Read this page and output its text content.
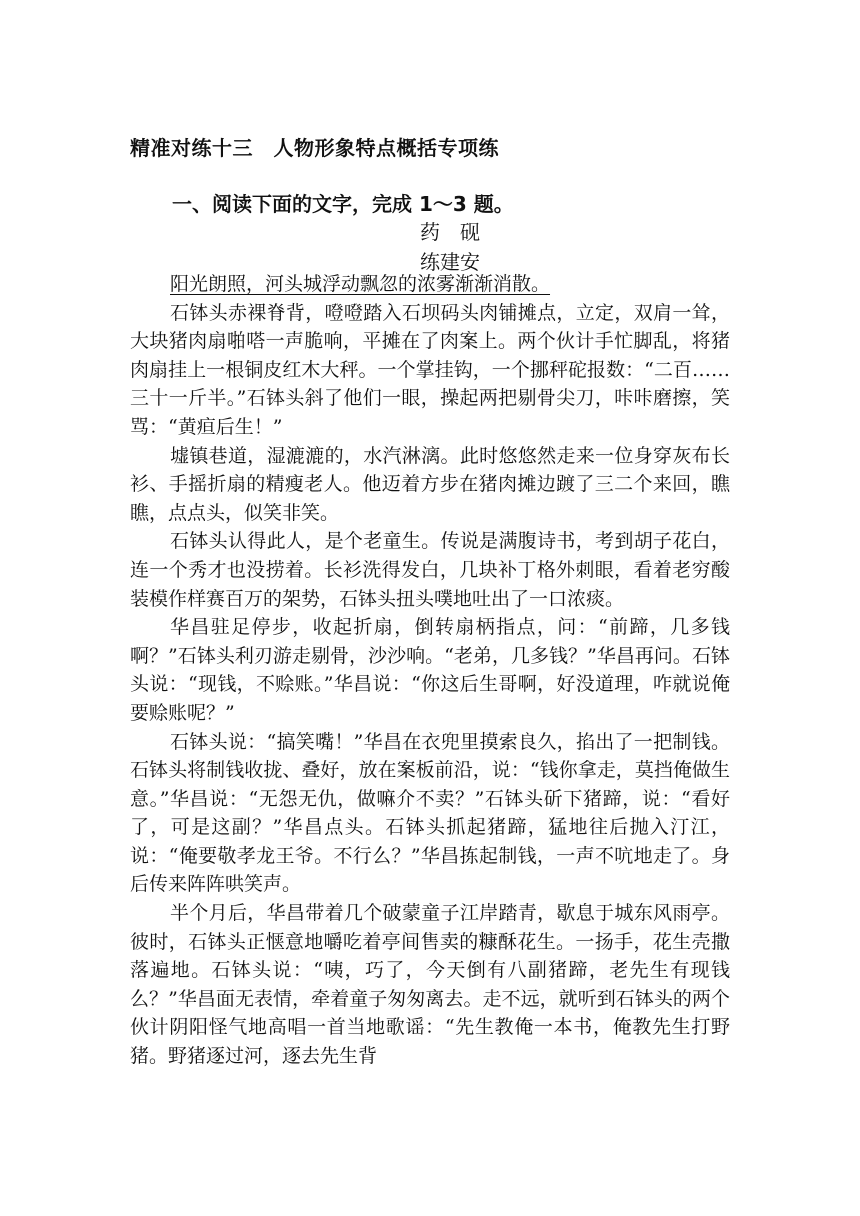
精准对练十三　人物形象特点概括专项练
一、阅读下面的文字，完成 1～3 题。
药　砚
练建安

阳光朗照，河头城浮动飘忽的浓雾渐渐消散。

石钵头赤裸脊背，噔噔踏入石坝码头肉铺摊点，立定，双肩一耸，大块猪肉扇啪嗒一声脆响，平摊在了肉案上。两个伙计手忙脚乱，将猪肉扇挂上一根铜皮红木大秤。一个掌挂钩，一个挪秤砣报数：“二百……三十一斤半。”石钵头斜了他们一眼，操起两把剔骨尖刀，咔咔磨擦，笑骂：“黄疸后生！”

墟镇巷道，湿漉漉的，水汽淋漓。此时悠悠然走来一位身穿灰布长衫、手摇折扇的精瘦老人。他迈着方步在猪肉摊边踱了三二个来回，瞧瞧，点点头，似笑非笑。

石钵头认得此人，是个老童生。传说是满腹诗书，考到胡子花白，连一个秀才也没捞着。长衫洗得发白，几块补丁格外刺眼，看着老穷酸装模作样赛百万的架势，石钵头扭头噗地吐出了一口浓痰。

华昌驻足停步，收起折扇，倒转扇柄指点，问：“前蹄，几多钱啊？”石钵头利刃游走剔骨，沙沙响。“老弟，几多钱？”华昌再问。石钵头说：“现钱，不赊账。”华昌说：“你这后生哥啊，好没道理，咋就说俺要赊账呢？”

石钵头说：“搞笑嘴！”华昌在衣兜里摸索良久，掐出了一把制钱。石钵头将制钱收拢、叠好，放在案板前沿，说：“钱你拿走，莫挡俺做生意。”华昌说：“无怨无仇，做嘛介不卖？”石钵头斫下猪蹄，说：“看好了，可是这副？”华昌点头。石钵头抓起猪蹄，猛地往后抛入汀江，说：“俺要敬孝龙王爷。不行么？”华昌拣起制钱，一声不吭地走了。身后传来阵阵哄笑声。

半个月后，华昌带着几个破蒙童子江岸踏青，歇息于城东风雨亭。彼时，石钵头正惬意地嚼吃着亭间售卖的糠酥花生。一扬手，花生壳撒落遍地。石钵头说：“咦，巧了，今天倒有八副猪蹄，老先生有现钱么？”华昌面无表情，牵着童子匆匆离去。走不远，就听到石钵头的两个伙计阴阳怪气地高唱一首当地歌谣：“先生教俺一本书，俺教先生打野猪。野猪逐过河，逐去先生背
